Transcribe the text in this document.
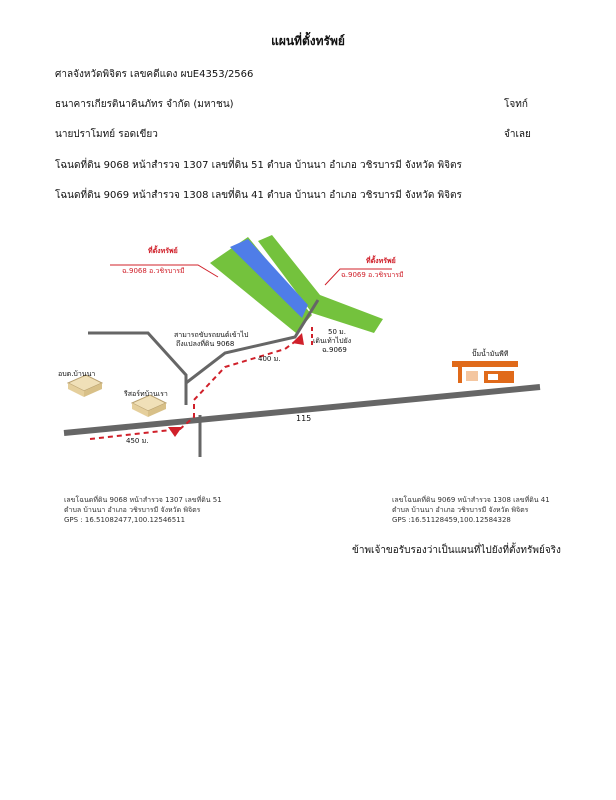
แผนที่ตั้งทรัพย์
ศาลจังหวัดพิจิตร เลขคดีแดง ผบE4353/2566
ธนาคารเกียรตินาคินภัทร จำกัด (มหาชน)	โจทก์
นายปราโมทย์ รอดเขียว	จำเลย
โฉนดที่ดิน 9068 หน้าสำรวจ 1307 เลขที่ดิน 51 ตำบล บ้านนา อำเภอ วชิรบารมี จังหวัด พิจิตร
โฉนดที่ดิน 9069 หน้าสำรวจ 1308 เลขที่ดิน 41 ตำบล บ้านนา อำเภอ วชิรบารมี จังหวัด พิจิตร
ที่ตั้งทรัพย์
ฉ.9068 อ.วชิรบารมี
ที่ตั้งทรัพย์
ฉ.9069 อ.วชิรบารมี
สามารถขับรถยนต์เข้าไป
ถึงแปลงที่ดิน 9068
50 ม.
เดินเท้าไปยัง
ฉ.9069
400 ม.
450 ม.
115
ปั๊มน้ำมันพีที
อบต.บ้านนา
รีสอร์ทบ้านเรา
เลขโฉนดที่ดิน 9068 หน้าสำรวจ 1307 เลขที่ดิน 51
ตำบล บ้านนา อำเภอ วชิรบารมี จังหวัด พิจิตร
GPS : 16.51082477,100.12546511
เลขโฉนดที่ดิน 9069 หน้าสำรวจ 1308 เลขที่ดิน 41
ตำบล บ้านนา อำเภอ วชิรบารมี จังหวัด พิจิตร
GPS :16.51128459,100.12584328
ข้าพเจ้าขอรับรองว่าเป็นแผนที่ไปยังที่ตั้งทรัพย์จริง
